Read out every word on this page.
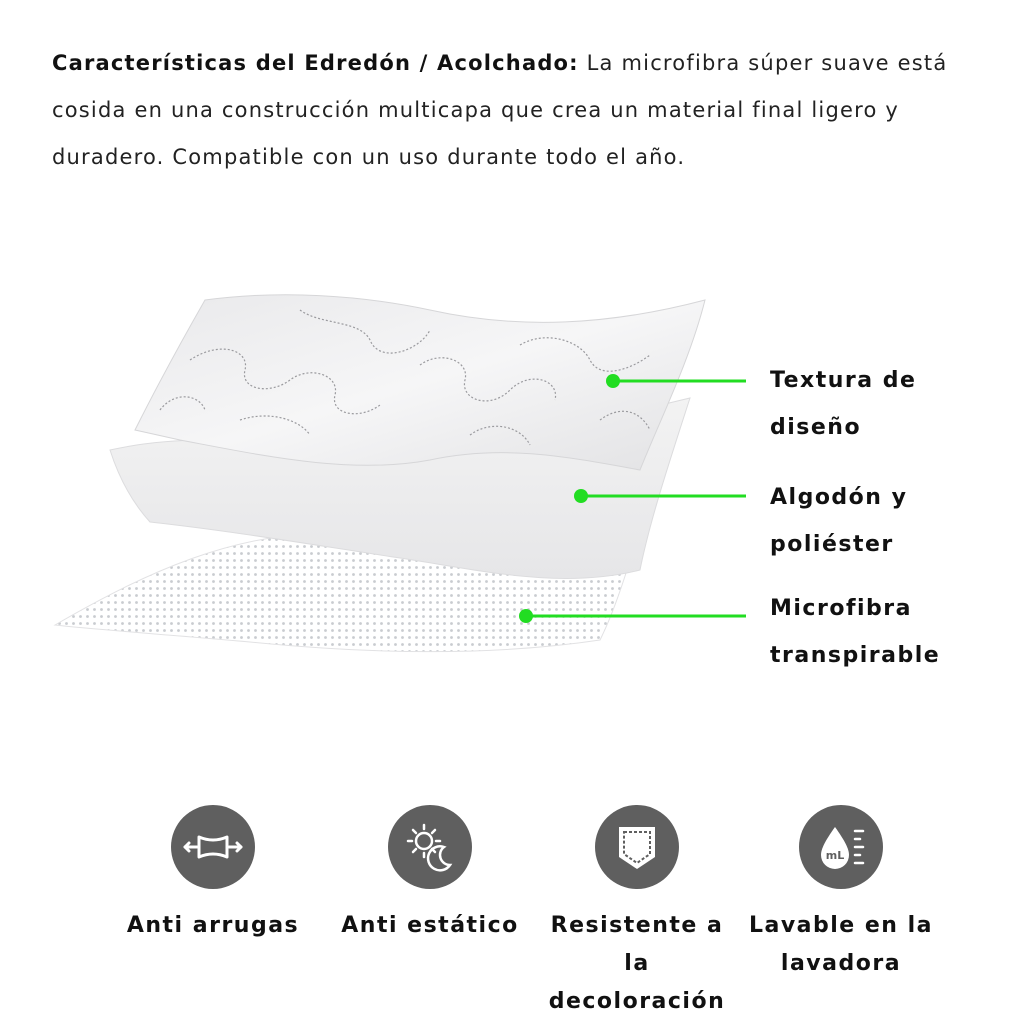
Características del Edredón / Acolchado: La microfibra súper suave está cosida en una construcción multicapa que crea un material final ligero y duradero. Compatible con un uso durante todo el año.

Textura de
diseño
Algodón y
poliéster
Microfibra
transpirable
Anti arrugas	Anti estático	Resistente a la
decoloración
mL
Lavable en la
lavadora
